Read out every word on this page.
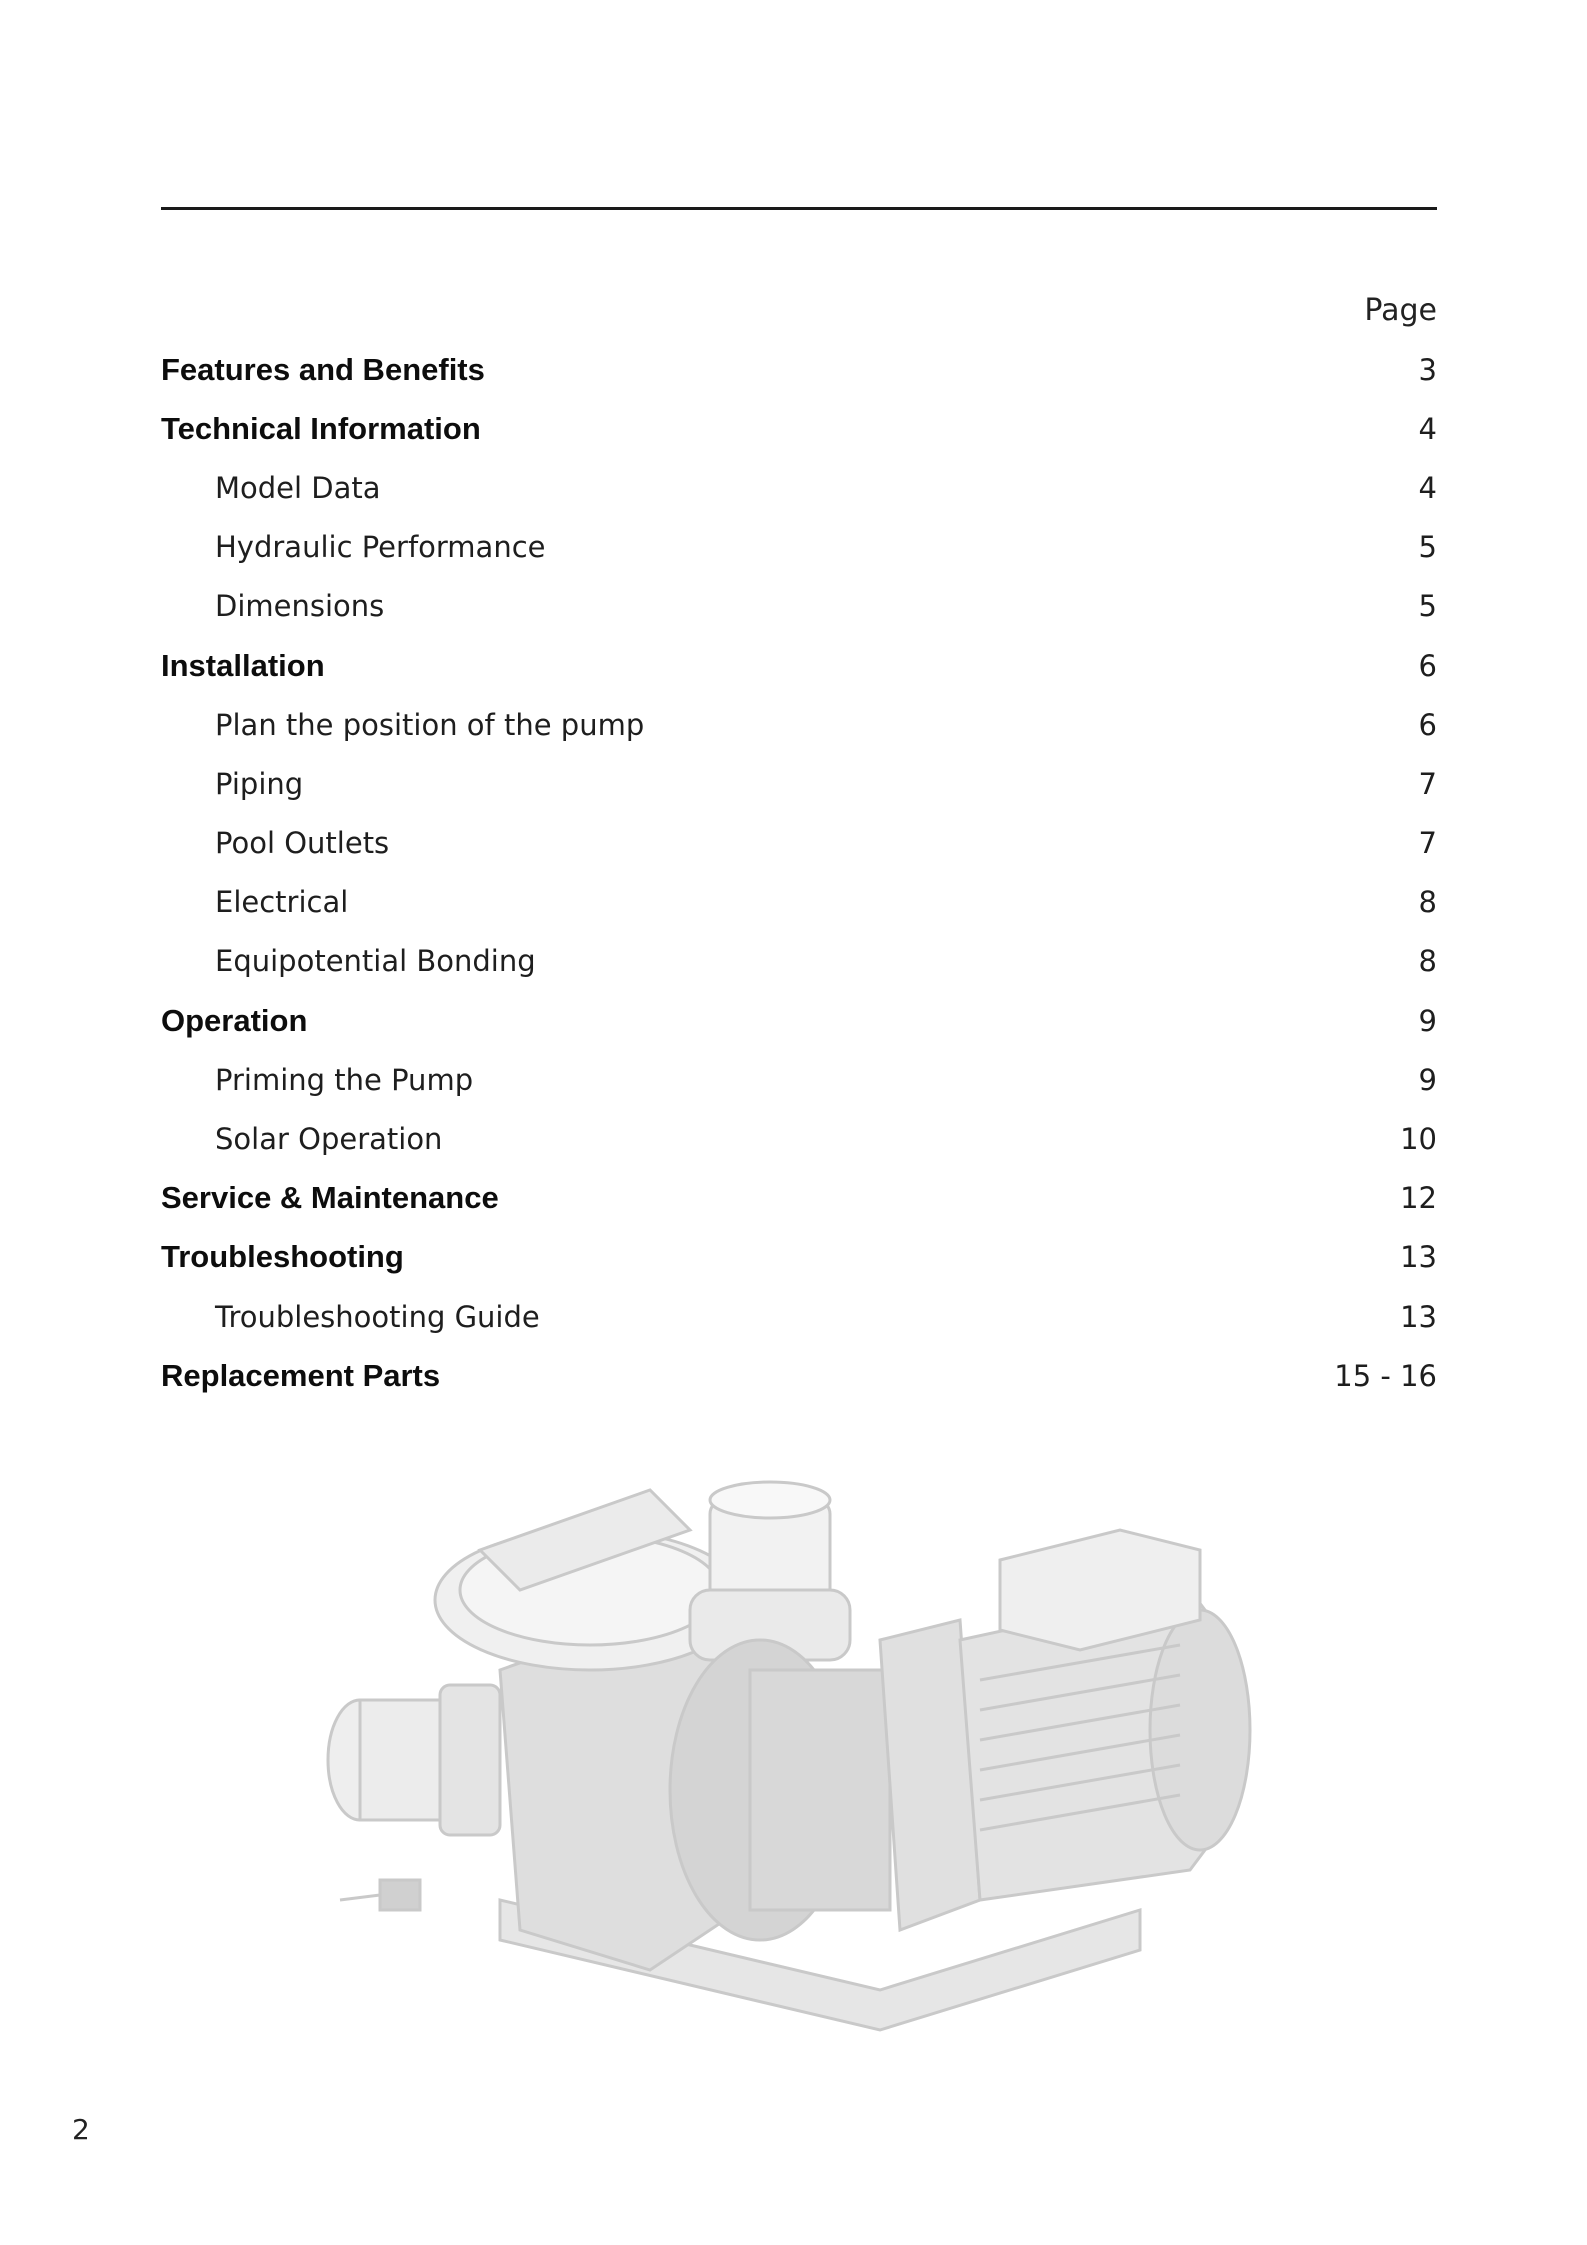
Page
Features and Benefits	3
Technical Information	4
Model Data	4
Hydraulic Performance	5
Dimensions	5
Installation	6
Plan the position of the pump	6
Piping	7
Pool Outlets	7
Electrical	8
Equipotential Bonding	8
Operation	9
Priming the Pump	9
Solar Operation	10
Service & Maintenance	12
Troubleshooting	13
Troubleshooting Guide	13
Replacement Parts	15 - 16
2
